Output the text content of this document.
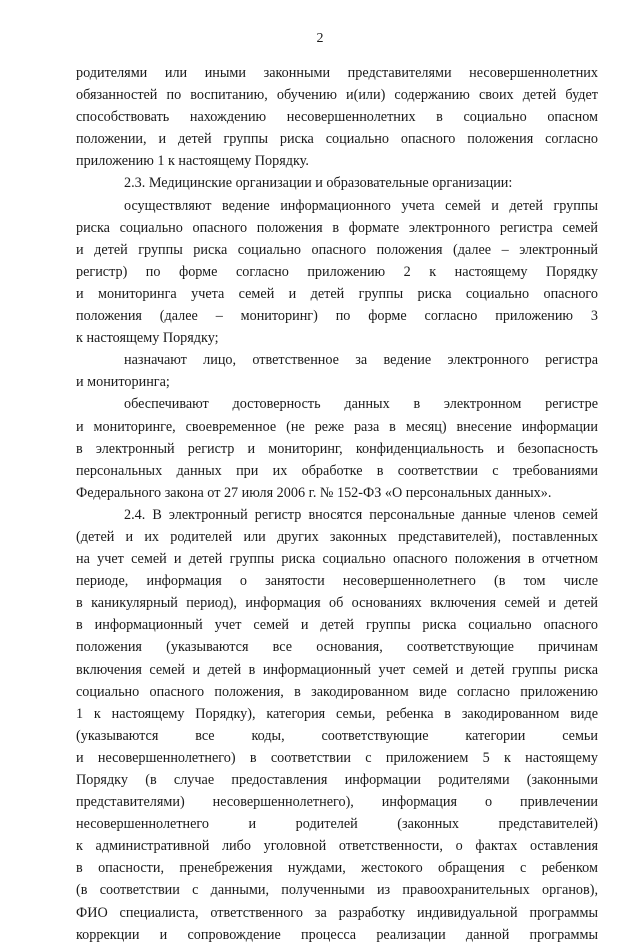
2
родителями или иными законными представителями несовершеннолетних
обязанностей по воспитанию, обучению и(или) содержанию своих детей будет
способствовать нахождению несовершеннолетних в социально опасном
положении, и детей группы риска социально опасного положения согласно
приложению 1 к настоящему Порядку.
2.3. Медицинские организации и образовательные организации:
осуществляют ведение информационного учета семей и детей группы
риска социально опасного положения в формате электронного регистра семей
и детей группы риска социально опасного положения (далее – электронный
регистр) по форме согласно приложению 2 к настоящему Порядку
и мониторинга учета семей и детей группы риска социально опасного
положения (далее – мониторинг) по форме согласно приложению 3
к настоящему Порядку;
назначают лицо, ответственное за ведение электронного регистра
и мониторинга;
обеспечивают достоверность данных в электронном регистре
и мониторинге, своевременное (не реже раза в месяц) внесение информации
в электронный регистр и мониторинг, конфиденциальность и безопасность
персональных данных при их обработке в соответствии с требованиями
Федерального закона от 27 июля 2006 г. № 152-ФЗ «О персональных данных».
2.4. В электронный регистр вносятся персональные данные членов семей
(детей и их родителей или других законных представителей), поставленных
на учет семей и детей группы риска социально опасного положения в отчетном
периоде, информация о занятости несовершеннолетнего (в том числе
в каникулярный период), информация об основаниях включения семей и детей
в информационный учет семей и детей группы риска социально опасного
положения (указываются все основания, соответствующие причинам
включения семей и детей в информационный учет семей и детей группы риска
социально опасного положения, в закодированном виде согласно приложению
1 к настоящему Порядку), категория семьи, ребенка в закодированном виде
(указываются все коды, соответствующие категории семьи
и несовершеннолетнего) в соответствии с приложением 5 к настоящему
Порядку (в случае предоставления информации родителями (законными
представителями) несовершеннолетнего), информация о привлечении
несовершеннолетнего и родителей (законных представителей)
к административной либо уголовной ответственности, о фактах оставления
в опасности, пренебрежения нуждами, жестокого обращения с ребенком
(в соответствии с данными, полученными из правоохранительных органов),
ФИО специалиста, ответственного за разработку индивидуальной программы
коррекции и сопровождение процесса реализации данной программы
